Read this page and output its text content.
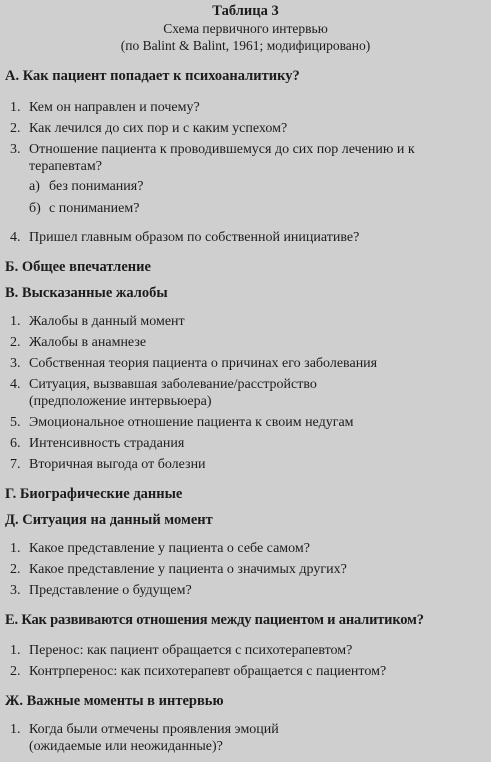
Таблица 3
Схема первичного интервью
(по Balint & Balint, 1961; модифицировано)
А. Как пациент попадает к психоаналитику?
1. Кем он направлен и почему?
2. Как лечился до сих пор и с каким успехом?
3. Отношение пациента к проводившемуся до сих пор лечению и к терапевтам?
а) без понимания?
б) с пониманием?
4. Пришел главным образом по собственной инициативе?
Б. Общее впечатление
В. Высказанные жалобы
1. Жалобы в данный момент
2. Жалобы в анамнезе
3. Собственная теория пациента о причинах его заболевания
4. Ситуация, вызвавшая заболевание/расстройство (предположение интервьюера)
5. Эмоциональное отношение пациента к своим недугам
6. Интенсивность страдания
7. Вторичная выгода от болезни
Г. Биографические данные
Д. Ситуация на данный момент
1. Какое представление у пациента о себе самом?
2. Какое представление у пациента о значимых других?
3. Представление о будущем?
Е. Как развиваются отношения между пациентом и аналитиком?
1. Перенос: как пациент обращается с психотерапевтом?
2. Контрперенос: как психотерапевт обращается с пациентом?
Ж. Важные моменты в интервью
1. Когда были отмечены проявления эмоций (ожидаемые или неожиданные)?
